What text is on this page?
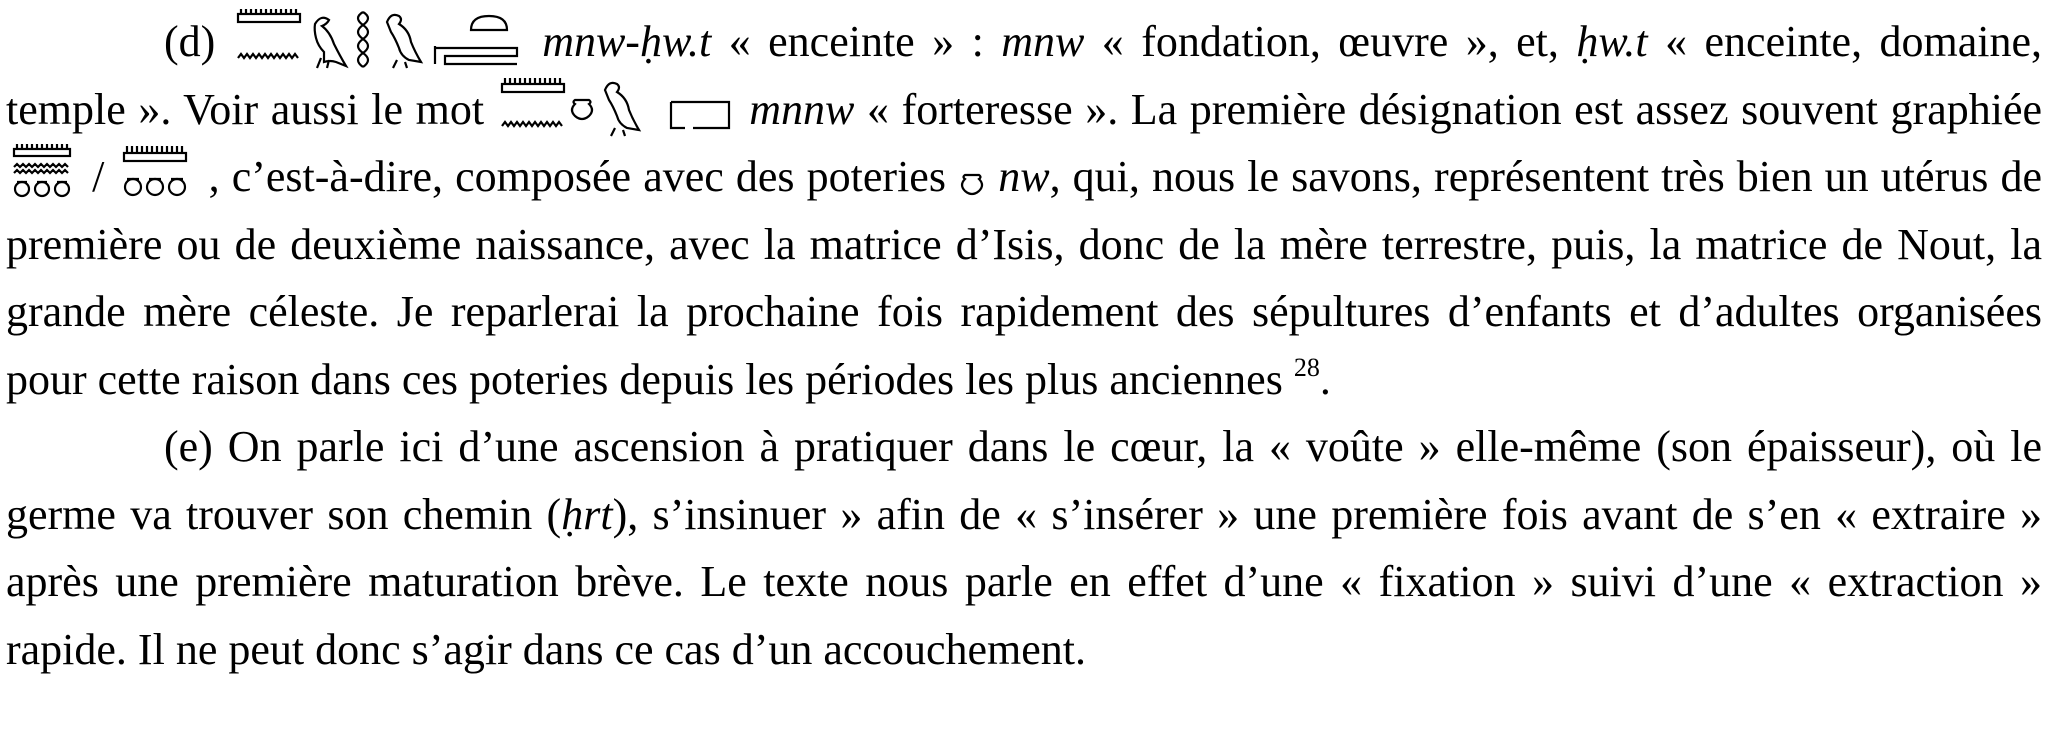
(d)	mnw-ḥw.t « enceinte » : mnw « fondation, œuvre », et, ḥw.t « enceinte, domaine, temple ». Voir aussi le mot	mnnw « forteresse ». La première désignation est assez souvent graphiée
/
, c’est-à-dire, composée avec des poteries
nw, qui, nous le savons, représentent très bien un utérus de première ou de deuxième naissance, avec la matrice d’Isis, donc de la mère terrestre, puis, la matrice de Nout, la grande mère céleste. Je reparlerai la prochaine fois rapidement des sépultures d’enfants et d’adultes organisées pour cette raison dans ces poteries depuis les périodes les plus anciennes $^{28}$.

(e) On parle ici d’une ascension à pratiquer dans le cœur, la « voûte » elle-même (son épaisseur), où le germe va trouver son chemin (ḥrt), s’insinuer » afin de « s’insérer » une première fois avant de s’en « extraire » après une première maturation brève. Le texte nous parle en effet d’une « fixation » suivi d’une « extraction » rapide. Il ne peut donc s’agir dans ce cas d’un accouchement.
